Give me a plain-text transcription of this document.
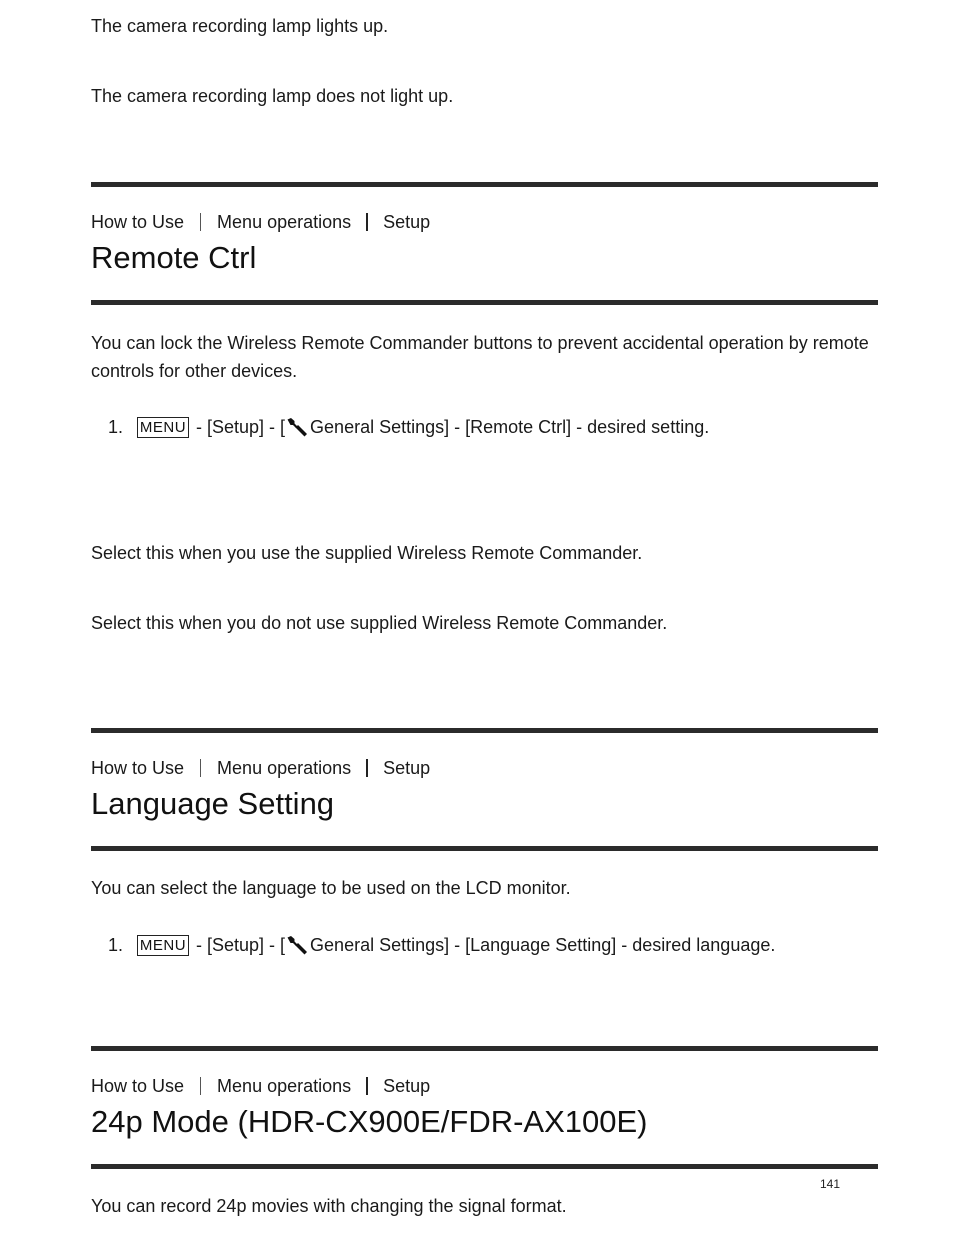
The camera recording lamp lights up.
The camera recording lamp does not light up.
How to Use Menu operations Setup
Remote Ctrl
You can lock the Wireless Remote Commander buttons to prevent accidental operation by remote controls for other devices.
1.	MENU - [Setup] - [ General Settings] - [Remote Ctrl] - desired setting.
Select this when you use the supplied Wireless Remote Commander.
Select this when you do not use supplied Wireless Remote Commander.
How to Use Menu operations Setup
Language Setting
You can select the language to be used on the LCD monitor.
1.	MENU - [Setup] - [ General Settings] - [Language Setting] - desired language.
How to Use Menu operations Setup
24p Mode (HDR-CX900E/FDR-AX100E)
141
You can record 24p movies with changing the signal format.
